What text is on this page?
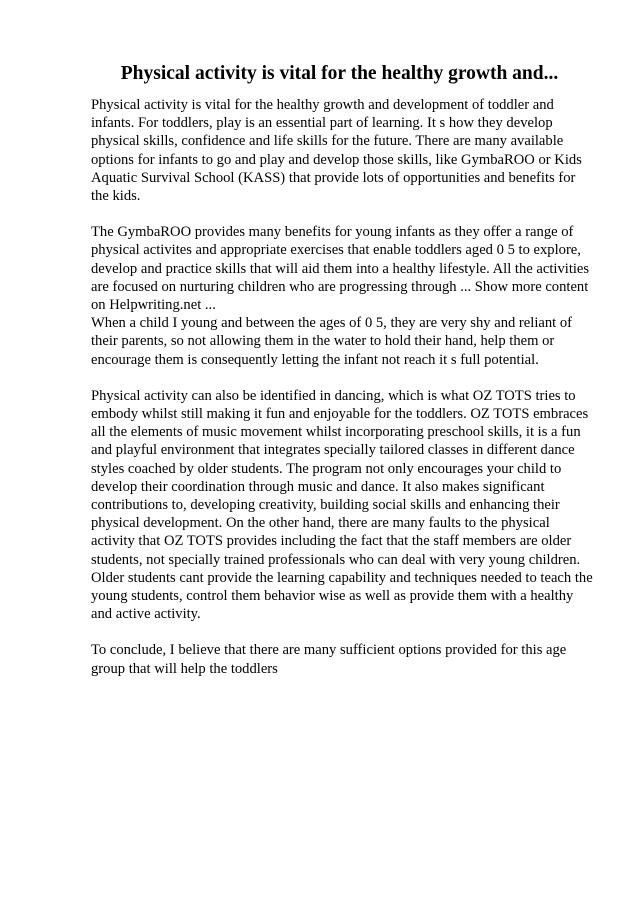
Physical activity is vital for the healthy growth and...

Physical activity is vital for the healthy growth and development of toddler and infants. For toddlers, play is an essential part of learning. It s how they develop physical skills, confidence and life skills for the future. There are many available options for infants to go and play and develop those skills, like GymbaROO or Kids Aquatic Survival School (KASS) that provide lots of opportunities and benefits for the kids.

The GymbaROO provides many benefits for young infants as they offer a range of physical activites and appropriate exercises that enable toddlers aged 0 5 to explore, develop and practice skills that will aid them into a healthy lifestyle. All the activities are focused on nurturing children who are progressing through ... Show more content on Helpwriting.net ...

When a child I young and between the ages of 0 5, they are very shy and reliant of their parents, so not allowing them in the water to hold their hand, help them or encourage them is consequently letting the infant not reach it s full potential.

Physical activity can also be identified in dancing, which is what OZ TOTS tries to embody whilst still making it fun and enjoyable for the toddlers. OZ TOTS embraces all the elements of music movement whilst incorporating preschool skills, it is a fun and playful environment that integrates specially tailored classes in different dance styles coached by older students. The program not only encourages your child to develop their coordination through music and dance. It also makes significant contributions to, developing creativity, building social skills and enhancing their physical development. On the other hand, there are many faults to the physical activity that OZ TOTS provides including the fact that the staff members are older students, not specially trained professionals who can deal with very young children. Older students cant provide the learning capability and techniques needed to teach the young students, control them behavior wise as well as provide them with a healthy and active activity.

To conclude, I believe that there are many sufficient options provided for this age group that will help the toddlers
